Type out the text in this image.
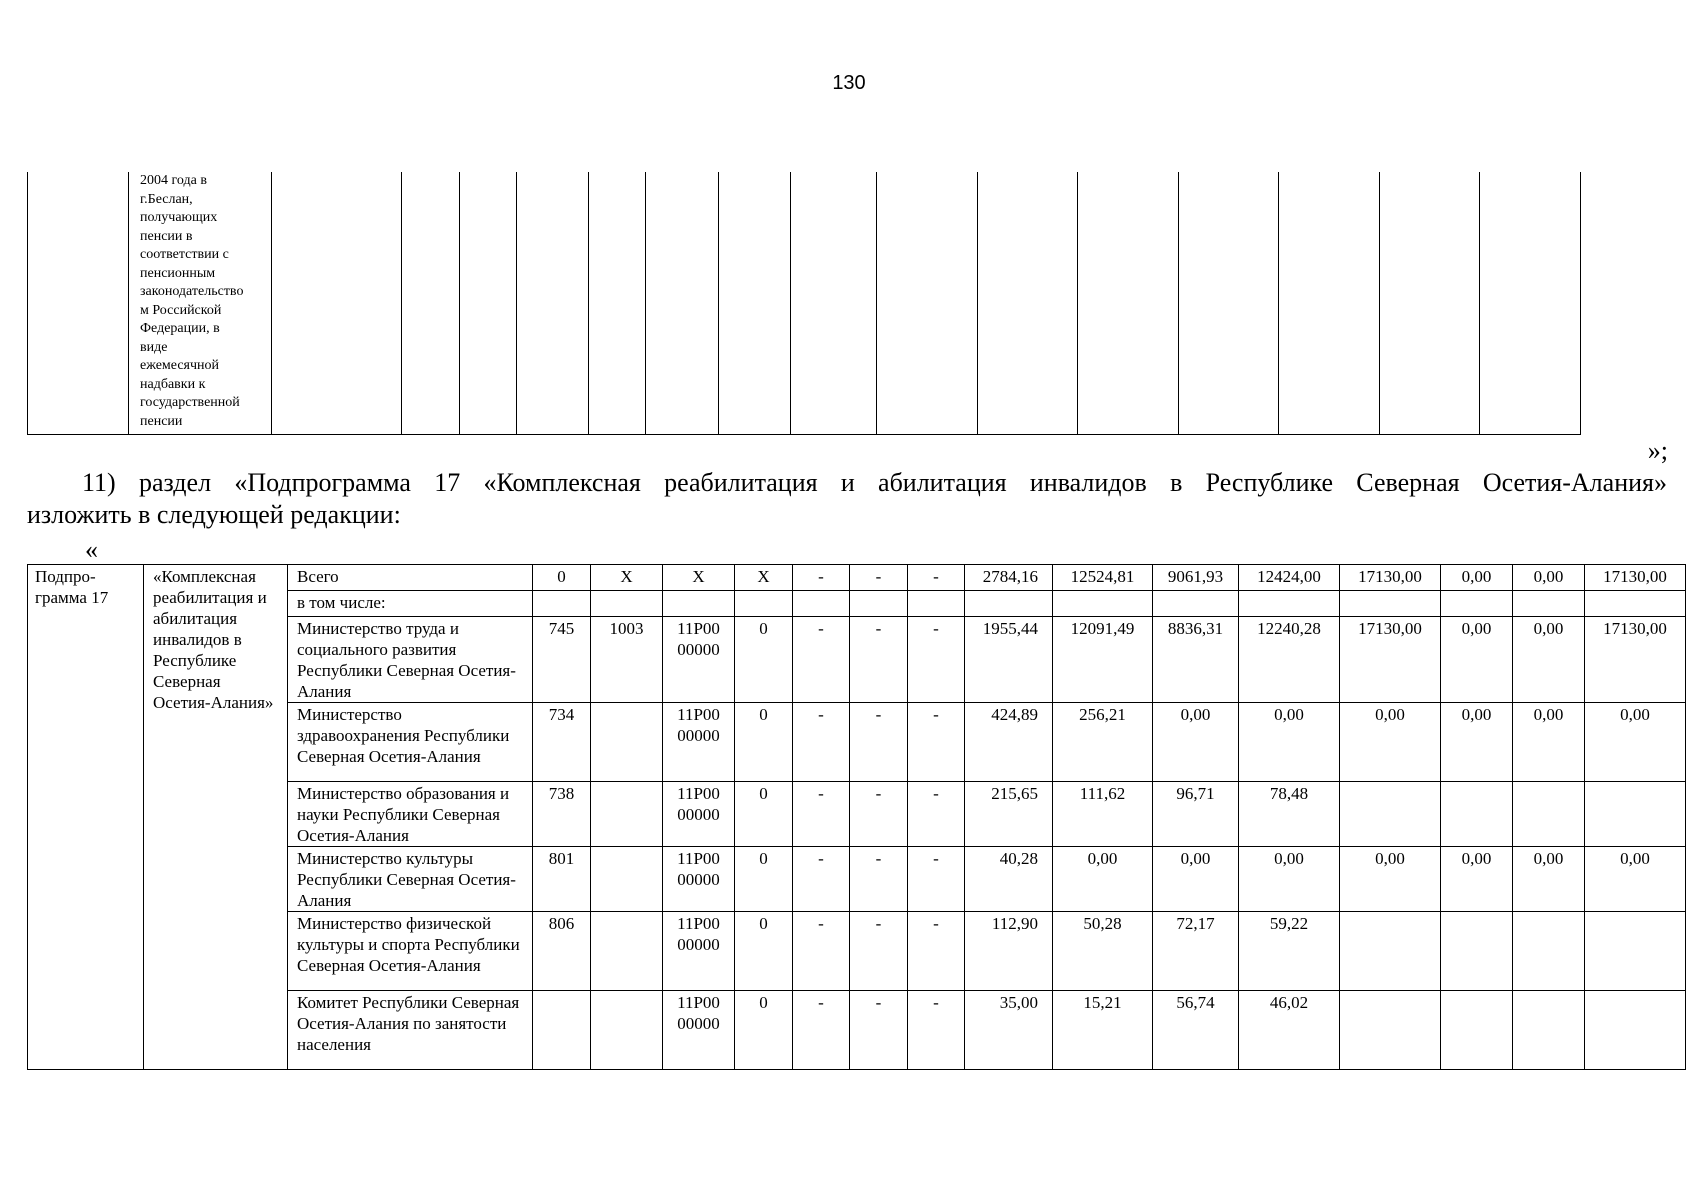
130

2004 года в
г.Беслан,
получающих
пенсии в
соответствии с
пенсионным
законодательство
м Российской
Федерации, в
виде
ежемесячной
надбавки к
государственной
пенсии

»;
11) раздел «Подпрограмма 17 «Комплексная реабилитация и абилитация инвалидов в Республике Северная Осетия-Алания»
изложить в следующей редакции:
«
Подпро-грамма 17	«Комплексная реабилитация и абилитация инвалидов в Республике Северная Осетия-Алания»	Всего	0	X	X	X	-	-	-	2784,16	12524,81	9061,93	12424,00	17130,00	0,00	0,00	17130,00
		в том числе:															
		Министерство труда и социального развития Республики Северная Осетия-Алания	745	1003	11Р00 00000	0	-	-	-	1955,44	12091,49	8836,31	12240,28	17130,00	0,00	0,00	17130,00
		Министерство здравоохранения Республики Северная Осетия-Алания	734		11Р00 00000	0	-	-	-	424,89	256,21	0,00	0,00	0,00	0,00	0,00	0,00
		Министерство образования и науки Республики Северная Осетия-Алания	738		11Р00 00000	0	-	-	-	215,65	111,62	96,71	78,48				
		Министерство культуры Республики Северная Осетия-Алания	801		11Р00 00000	0	-	-	-	40,28	0,00	0,00	0,00	0,00	0,00	0,00	0,00
		Министерство физической культуры и спорта Республики Северная Осетия-Алания	806		11Р00 00000	0	-	-	-	112,90	50,28	72,17	59,22				
		Комитет Республики Северная Осетия-Алания по занятости населения			11Р00 00000	0	-	-	-	35,00	15,21	56,74	46,02				
